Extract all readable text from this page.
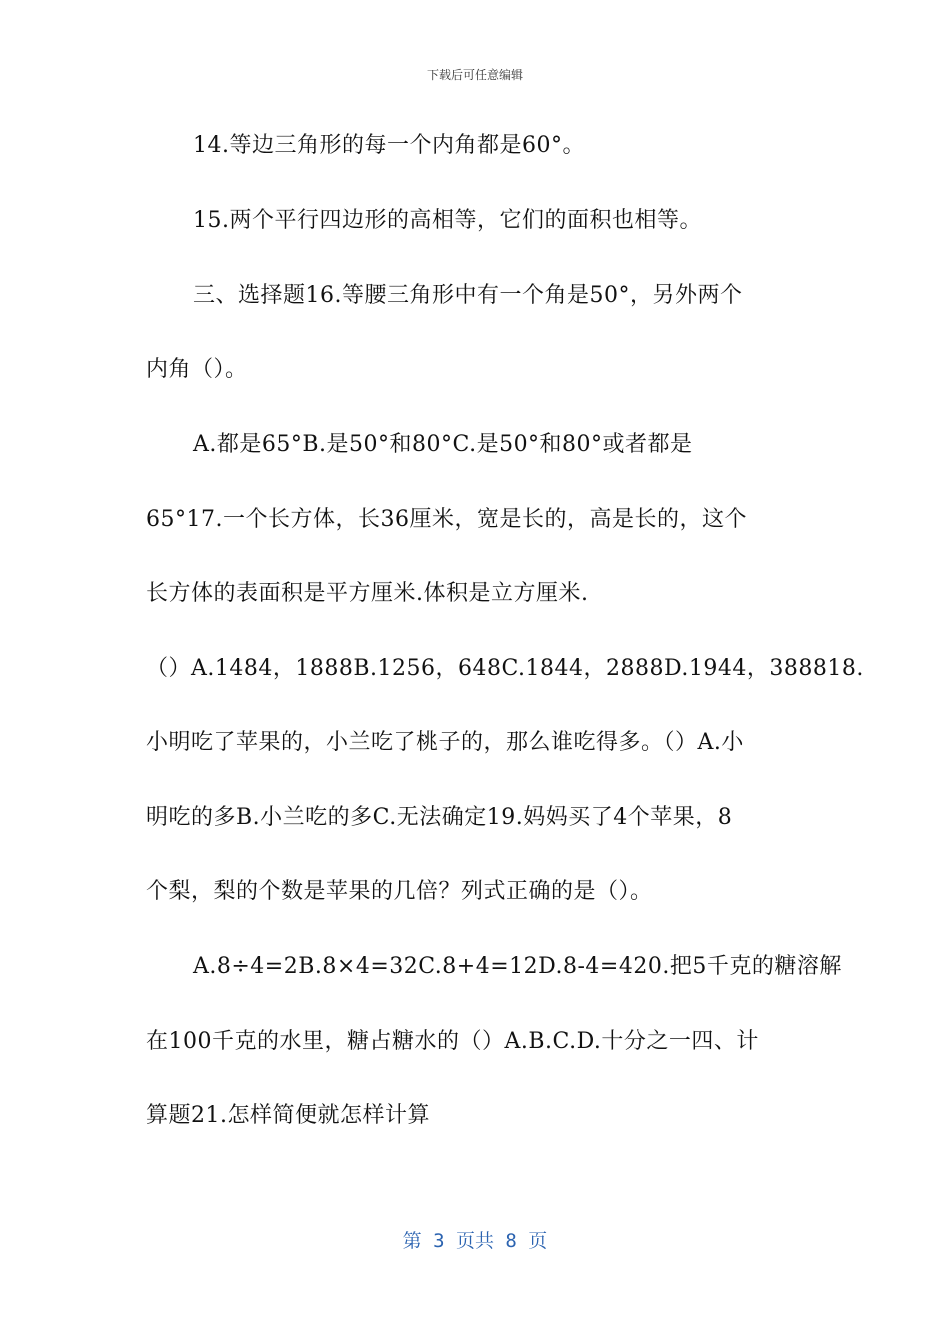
下载后可任意编辑
14.等边三角形的每一个内角都是60°。
15.两个平行四边形的高相等，它们的面积也相等。
三、选择题16.等腰三角形中有一个角是50°，另外两个
内角（）。
A.都是65°B.是50°和80°C.是50°和80°或者都是
65°17.一个长方体，长36厘米，宽是长的，高是长的，这个
长方体的表面积是平方厘米.体积是立方厘米.
（）A.1484，1888B.1256，648C.1844，2888D.1944，388818.
小明吃了苹果的，小兰吃了桃子的，那么谁吃得多。（）A.小
明吃的多B.小兰吃的多C.无法确定19.妈妈买了4个苹果，8
个梨，梨的个数是苹果的几倍？列式正确的是（）。
A.8÷4=2B.8×4=32C.8+4=12D.8-4=420.把5千克的糖溶解
在100千克的水里，糖占糖水的（）A.B.C.D.十分之一四、计
算题21.怎样简便就怎样计算
第 3 页共 8 页
